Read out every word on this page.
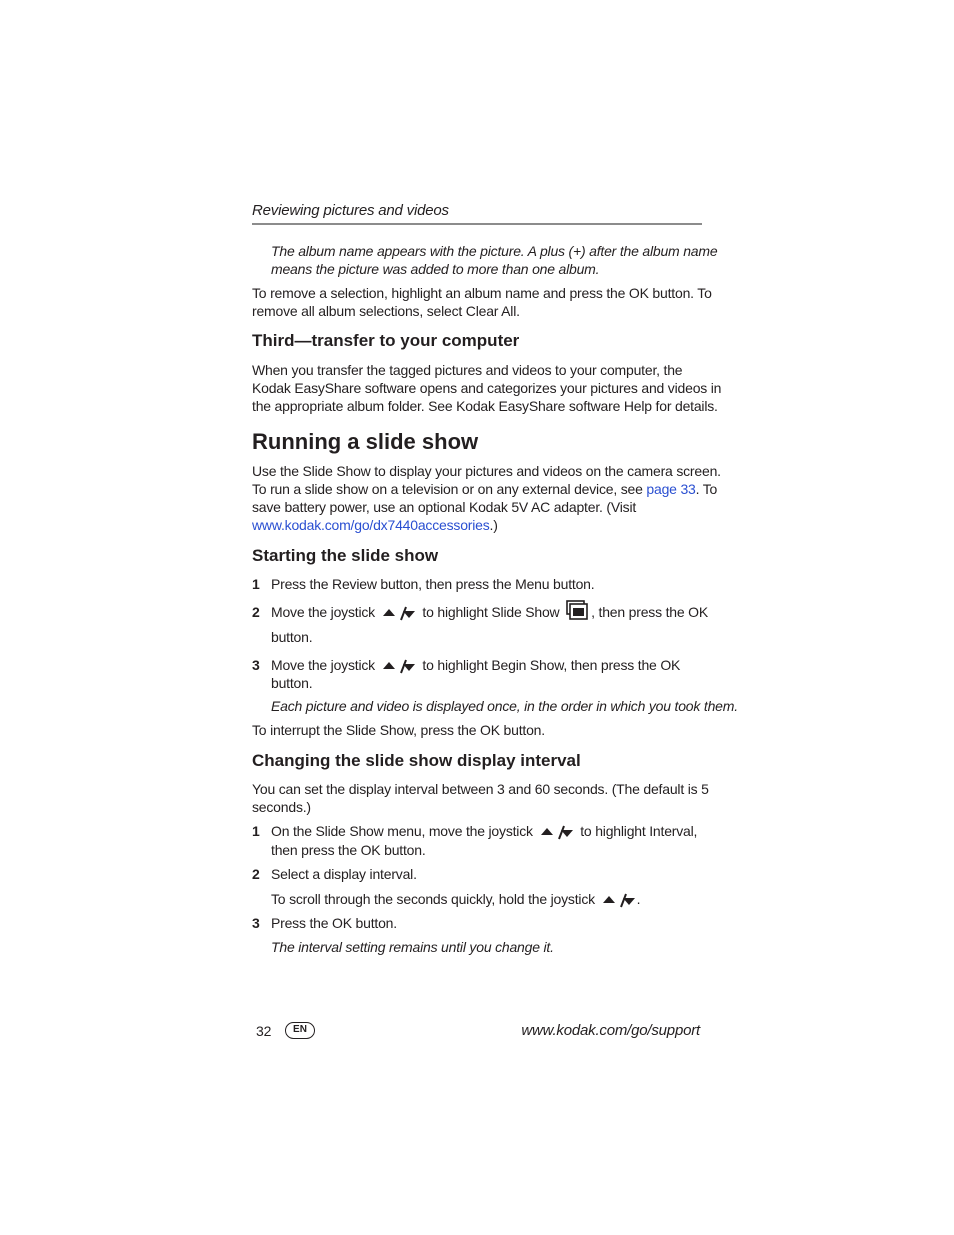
Reviewing pictures and videos
The album name appears with the picture. A plus (+) after the album name
means the picture was added to more than one album.
To remove a selection, highlight an album name and press the OK button. To
remove all album selections, select Clear All.
Third—transfer to your computer
When you transfer the tagged pictures and videos to your computer, the
Kodak EasyShare software opens and categorizes your pictures and videos in
the appropriate album folder. See Kodak EasyShare software Help for details.
Running a slide show
Use the Slide Show to display your pictures and videos on the camera screen.
To run a slide show on a television or on any external device, see page 33. To
save battery power, use an optional Kodak 5V AC adapter. (Visit
www.kodak.com/go/dx7440accessories.)
Starting the slide show
1 Press the Review button, then press the Menu button.
2 Move the joystick	to highlight Slide Show , then press the OK
button.
3 Move the joystick	to highlight Begin Show, then press the OK
button.
Each picture and video is displayed once, in the order in which you took them.
To interrupt the Slide Show, press the OK button.
Changing the slide show display interval
You can set the display interval between 3 and 60 seconds. (The default is 5
seconds.)
1 On the Slide Show menu, move the joystick	to highlight Interval,
then press the OK button.
2 Select a display interval.
To scroll through the seconds quickly, hold the joystick	.
3 Press the OK button.
The interval setting remains until you change it.
32	EN	www.kodak.com/go/support
